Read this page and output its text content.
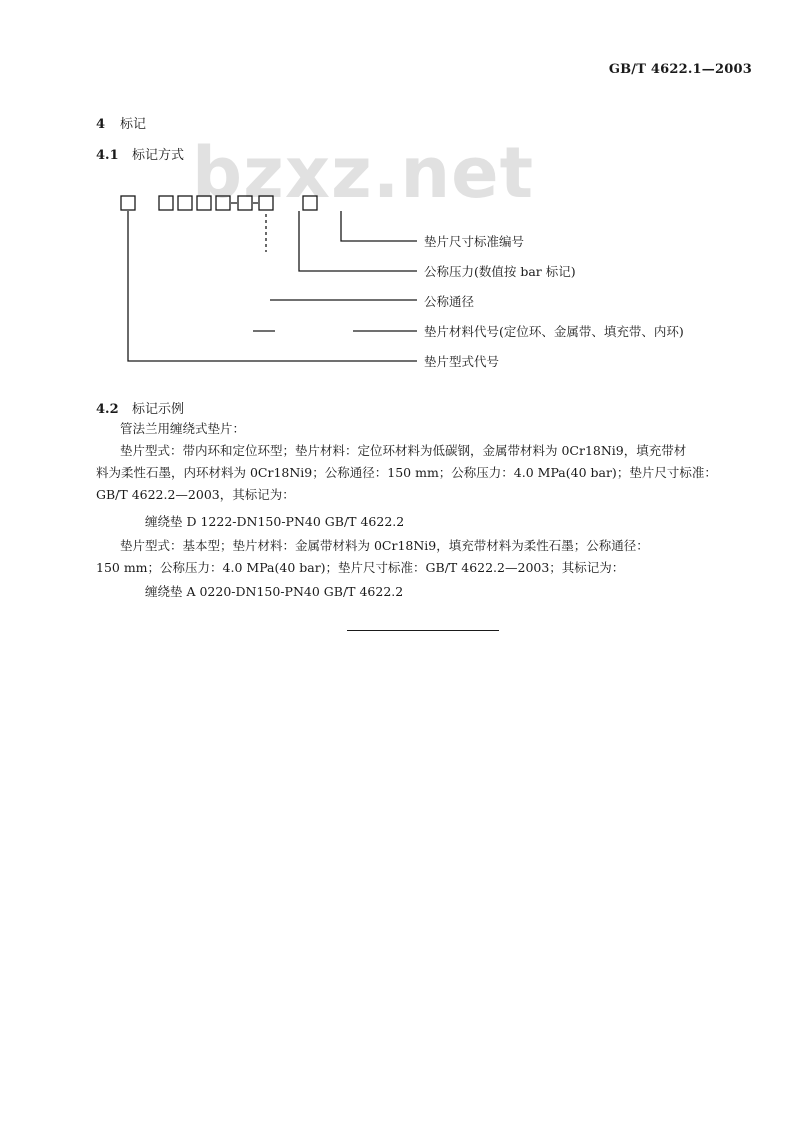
GB/T 4622.1—2003
bzxz.net
4 标记
4.1 标记方式
垫片尺寸标准编号
公称压力(数值按 bar 标记)
公称通径
垫片材料代号(定位环、金属带、填充带、内环)
垫片型式代号
4.2 标记示例
管法兰用缠绕式垫片：
垫片型式：带内环和定位环型；垫片材料：定位环材料为低碳钢，金属带材料为 0Cr18Ni9，填充带材
料为柔性石墨，内环材料为 0Cr18Ni9；公称通径：150 mm；公称压力：4.0 MPa(40 bar)；垫片尺寸标准：
GB/T 4622.2—2003，其标记为：
缠绕垫 D 1222-DN150-PN40 GB/T 4622.2
垫片型式：基本型；垫片材料：金属带材料为 0Cr18Ni9，填充带材料为柔性石墨；公称通径：
150 mm；公称压力：4.0 MPa(40 bar)；垫片尺寸标准：GB/T 4622.2—2003；其标记为：
缠绕垫 A 0220-DN150-PN40 GB/T 4622.2
